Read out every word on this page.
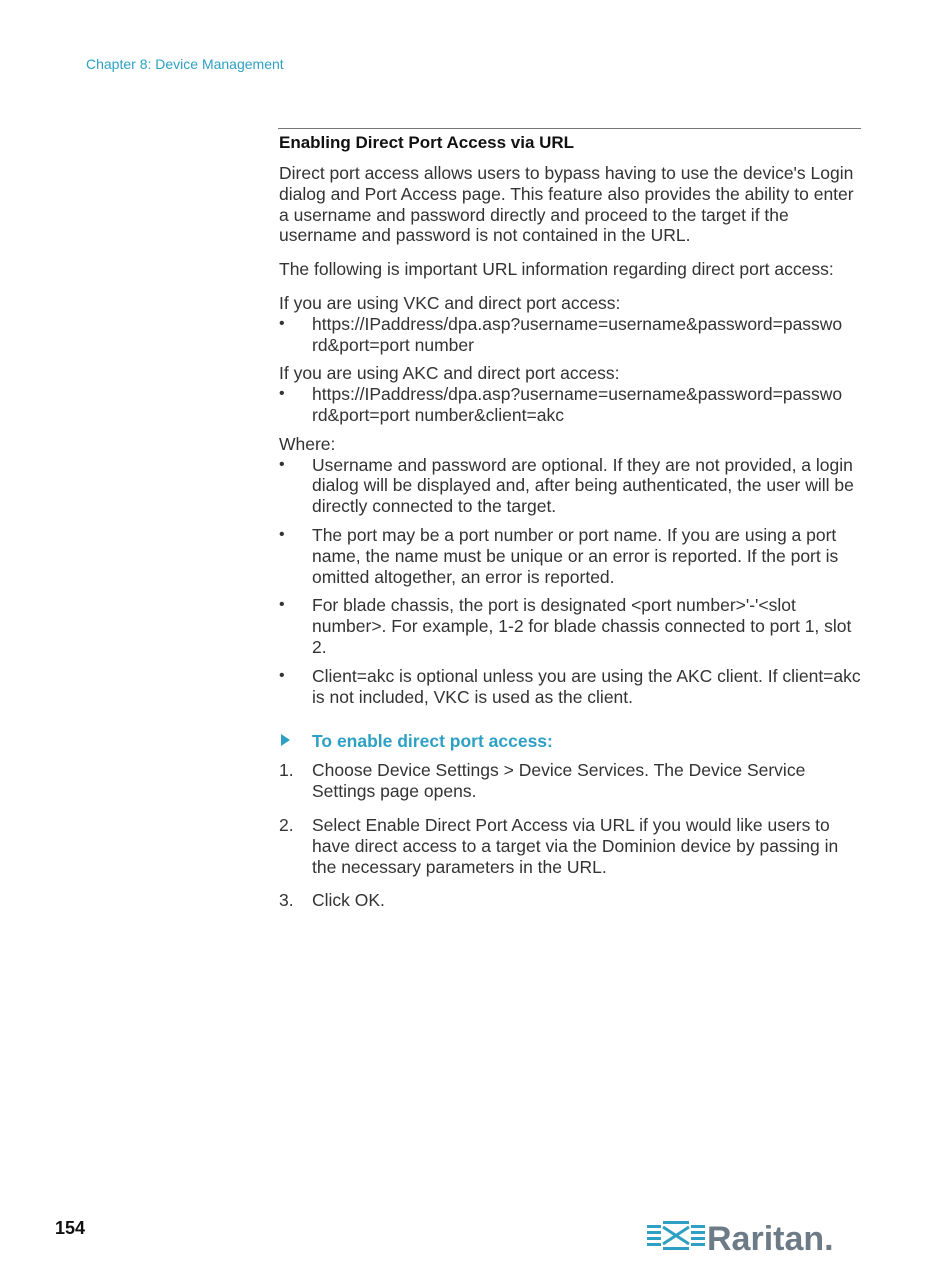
Chapter 8: Device Management
Enabling Direct Port Access via URL

Direct port access allows users to bypass having to use the device's Login dialog and Port Access page. This feature also provides the ability to enter a username and password directly and proceed to the target if the username and password is not contained in the URL.

The following is important URL information regarding direct port access:

If you are using VKC and direct port access:

•	https://IPaddress/dpa.asp?username=username&password=passwo rd&port=port number

If you are using AKC and direct port access:

•	https://IPaddress/dpa.asp?username=username&password=passwo rd&port=port number&client=akc

Where:

•	Username and password are optional. If they are not provided, a login dialog will be displayed and, after being authenticated, the user will be directly connected to the target.
•	The port may be a port number or port name. If you are using a port name, the name must be unique or an error is reported. If the port is omitted altogether, an error is reported.
•	For blade chassis, the port is designated <port number>'-'<slot number>. For example, 1-2 for blade chassis connected to port 1, slot 2.
•	Client=akc is optional unless you are using the AKC client. If client=akc is not included, VKC is used as the client.
To enable direct port access:
1.	Choose Device Settings > Device Services. The Device Service Settings page opens.
2.	Select Enable Direct Port Access via URL if you would like users to have direct access to a target via the Dominion device by passing in the necessary parameters in the URL.
3.	Click OK.
154	Raritan.
